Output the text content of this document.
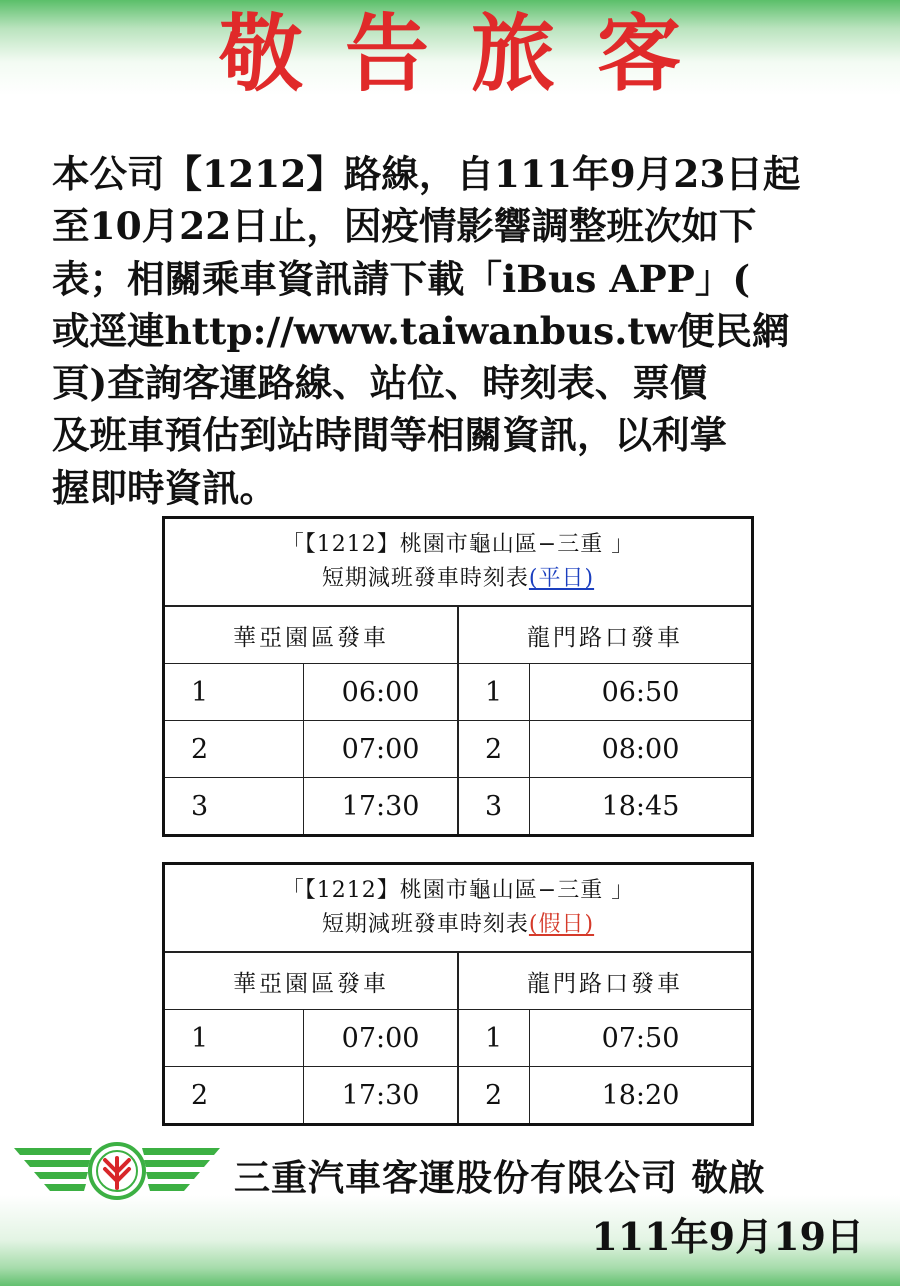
敬告旅客
本公司【1212】路線，自111年9月23日起
至10月22日止，因疫情影響調整班次如下
表；相關乘車資訊請下載「iBus APP」(
或逕連http://www.taiwanbus.tw便民網
頁)查詢客運路線、站位、時刻表、票價
及班車預估到站時間等相關資訊，以利掌
握即時資訊。
「【1212】桃園市龜山區−三重 」
短期減班發車時刻表(平日)			

華亞園區發車		龍門路口發車	
1	06:00	1	06:50
2	07:00	2	08:00
3	17:30	3	18:45
「【1212】桃園市龜山區−三重 」
短期減班發車時刻表(假日)			

華亞園區發車		龍門路口發車	
1	07:00	1	07:50
2	17:30	2	18:20
三重汽車客運股份有限公司 敬啟
111年9月19日
